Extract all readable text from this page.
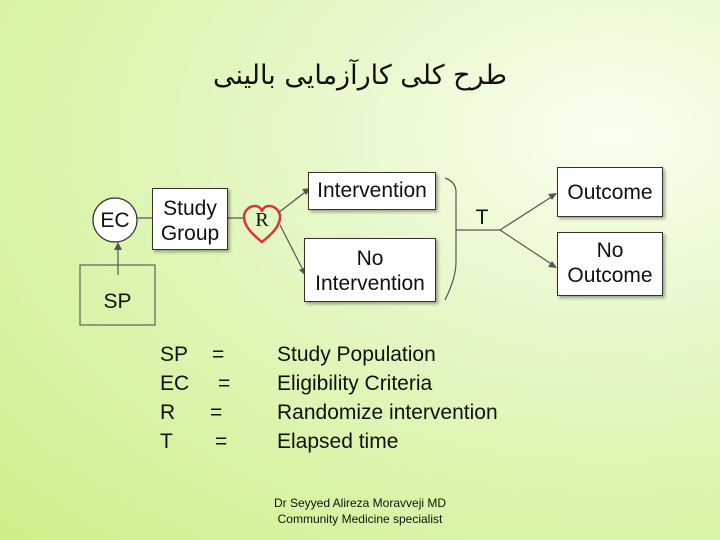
طرح کلی کارآزمایی بالینی
EC
SP
Study
Group
R
Intervention
No
Intervention
T
Outcome
No
Outcome
SP =	Study Population
EC = Eligibility Criteria
R =	Randomize intervention
T = Elapsed time
Dr Seyyed Alireza Moravveji MD
Community Medicine specialist
